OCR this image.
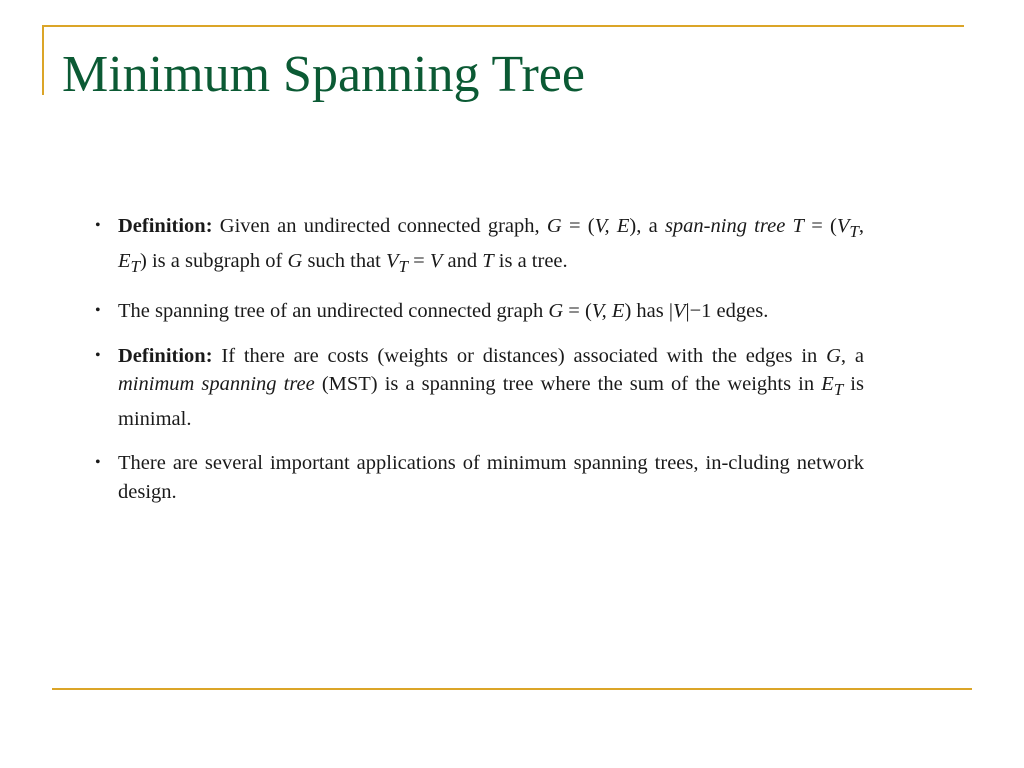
Minimum Spanning Tree
• Definition: Given an undirected connected graph, G = (V, E), a span-ning tree $T = (V_T$, $E_T$) is a subgraph of G such that $V_T = V$ and T is a tree.
• The spanning tree of an undirected connected graph G = (V, E) has |V|−1 edges.
• Definition: If there are costs (weights or distances) associated with the edges in G, a minimum spanning tree (MST) is a spanning tree where the sum of the weights in $E_T$ is minimal.
• There are several important applications of minimum spanning trees, in-cluding network design.
